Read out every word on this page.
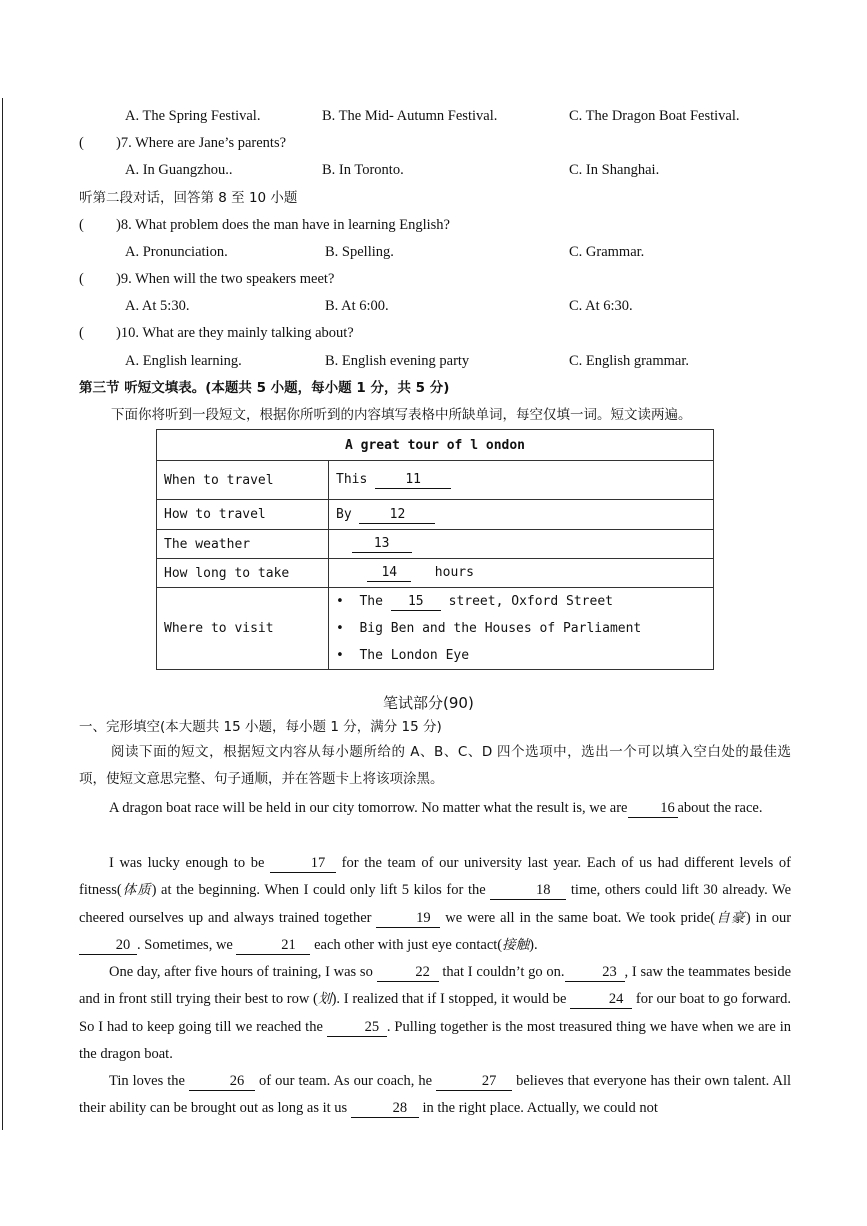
A. The Spring Festival.	B. The Mid- Autumn Festival.	C. The Dragon Boat Festival.
( )7. Where are Jane’s parents?
A. In Guangzhou..	B. In Toronto.	C. In Shanghai.
听第二段对话，回答第 8 至 10 小题
( )8. What problem does the man have in learning English?
A. Pronunciation.	B. Spelling.	C. Grammar.
( )9. When will the two speakers meet?
A. At 5:30.	B. At 6:00.	C. At 6:30.
( )10. What are they mainly talking about?
A. English learning.	B. English evening party	C. English grammar.
第三节 听短文填表。(本题共 5 小题，每小题 1 分，共 5 分)
下面你将听到一段短文，根据你所听到的内容填写表格中所缺单词，每空仅填一词。短文读两遍。
A great tour of l ondon	
When to travel	This 11
How to travel	By 12
The weather	13
How long to take	14 hours
Where to visit	• The 15 street, Oxford Street
• Big Ben and the Houses of Parliament
• The London Eye
笔试部分(90)
一、完形填空(本大题共 15 小题，每小题 1 分，满分 15 分)
阅读下面的短文，根据短文内容从每小题所给的 A、B、C、D 四个选项中，选出一个可以填入空白处的最佳选项，使短文意思完整、句子通顺，并在答题卡上将该项涂黑。
A dragon boat race will be held in our city tomorrow. No matter what the result is, we are 16 about the race.
I was lucky enough to be	17 for the team of our university last year. Each of us had different levels of fitness(体质) at the beginning. When I could only lift 5 kilos for the	18 time, others could lift 30 already. We cheered ourselves up and always trained together	19 we were all in the same boat. We took pride(自豪) in our 20 . Sometimes, we	21 each other with just eye contact(接触).
One day, after five hours of training, I was so	22 that I couldn’t go on.	23 , I saw the teammates beside and in front still trying their best to row (划). I realized that if I stopped, it would be	24 for our boat to go forward. So I had to keep going till we reached the	25 . Pulling together is the most treasured thing we have when we are in the dragon boat.
Tin loves the	26 of our team. As our coach, he	27 believes that everyone has their own talent. All their ability can be brought out as long as it us	28 in the right place. Actually, we could not
